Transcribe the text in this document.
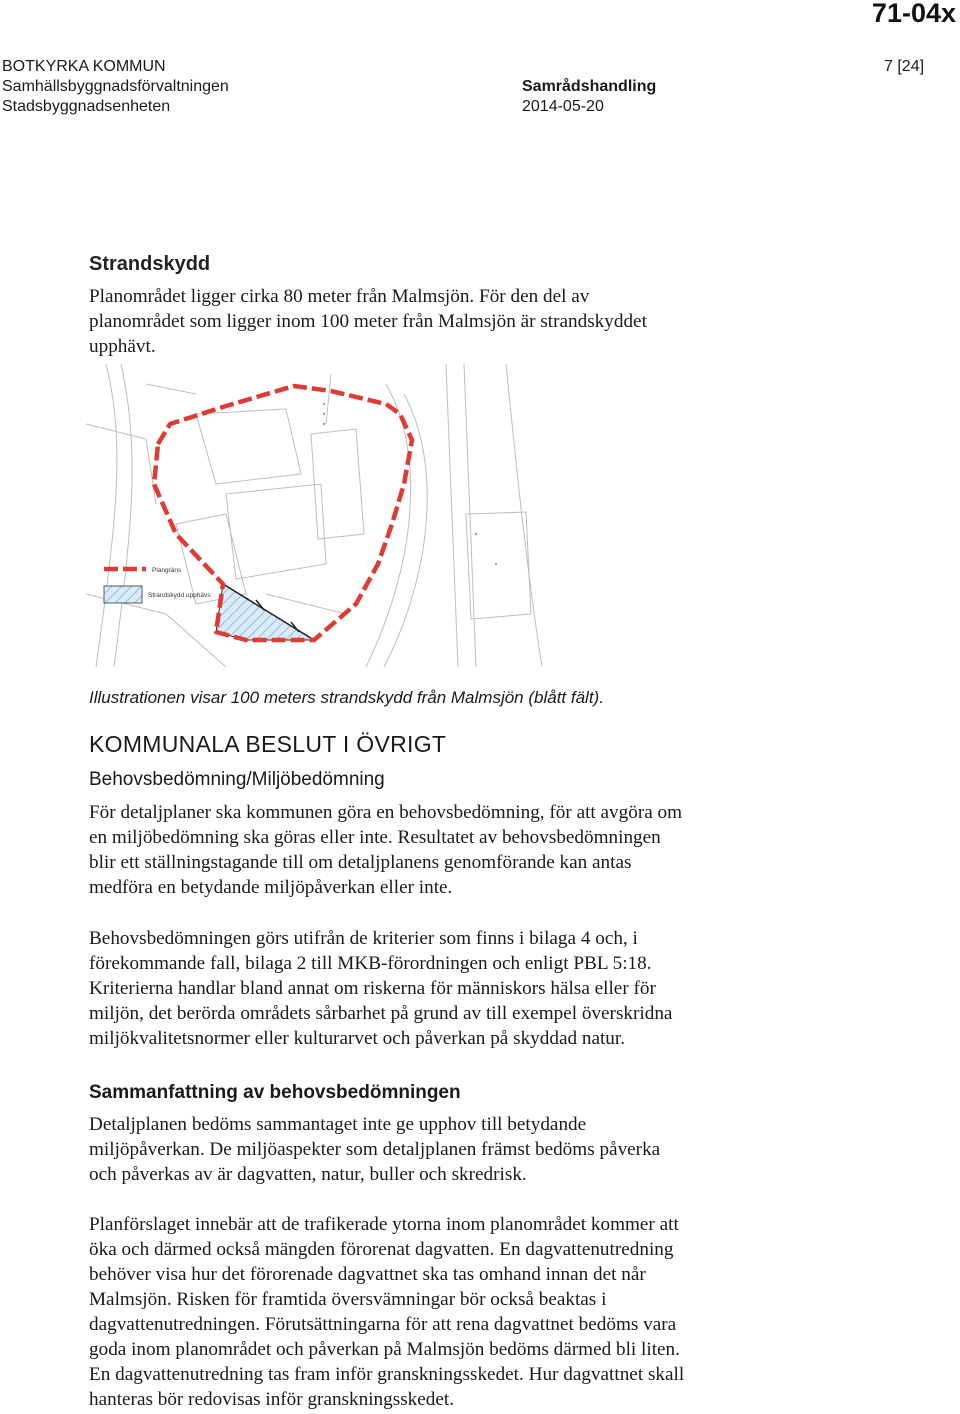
71-04x
BOTKYRKA KOMMUN
Samhällsbyggnadsförvaltningen
Stadsbyggnadsenheten
Samrådshandling
2014-05-20
7 [24]
Strandskydd

Planområdet ligger cirka 80 meter från Malmsjön. För den del av

planområdet som ligger inom 100 meter från Malmsjön är strandskyddet

upphävt.

Plangräns
Strandskydd upphävs
Illustrationen visar 100 meters strandskydd från Malmsjön (blått fält).
KOMMUNALA BESLUT I ÖVRIGT
Behovsbedömning/Miljöbedömning

För detaljplaner ska kommunen göra en behovsbedömning, för att avgöra om

en miljöbedömning ska göras eller inte. Resultatet av behovsbedömningen

blir ett ställningstagande till om detaljplanens genomförande kan antas

medföra en betydande miljöpåverkan eller inte.

Behovsbedömningen görs utifrån de kriterier som finns i bilaga 4 och, i

förekommande fall, bilaga 2 till MKB-förordningen och enligt PBL 5:18.

Kriterierna handlar bland annat om riskerna för människors hälsa eller för

miljön, det berörda områdets sårbarhet på grund av till exempel överskridna

miljökvalitetsnormer eller kulturarvet och påverkan på skyddad natur.

Sammanfattning av behovsbedömningen

Detaljplanen bedöms sammantaget inte ge upphov till betydande

miljöpåverkan. De miljöaspekter som detaljplanen främst bedöms påverka

och påverkas av är dagvatten, natur, buller och skredrisk.

Planförslaget innebär att de trafikerade ytorna inom planområdet kommer att

öka och därmed också mängden förorenat dagvatten. En dagvattenutredning

behöver visa hur det förorenade dagvattnet ska tas omhand innan det når

Malmsjön. Risken för framtida översvämningar bör också beaktas i

dagvattenutredningen. Förutsättningarna för att rena dagvattnet bedöms vara

goda inom planområdet och påverkan på Malmsjön bedöms därmed bli liten.

En dagvattenutredning tas fram inför granskningsskedet. Hur dagvattnet skall

hanteras bör redovisas inför granskningsskedet.
